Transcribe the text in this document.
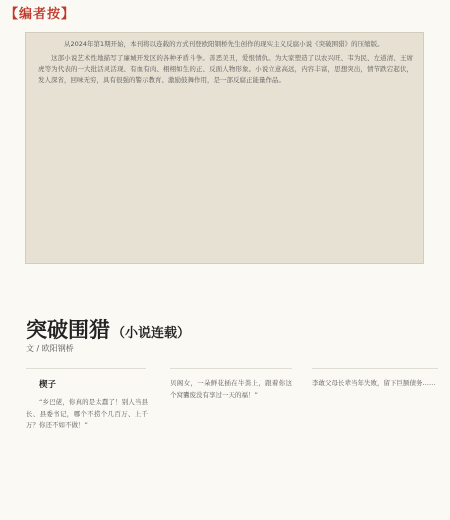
【编者按】

从2024年第1期开始，本刊将以连载的方式刊登欧阳钢桥先生创作的现实主义反腐小说《突破围猎》的压缩版。

这部小说艺术性地描写了廉城开发区的各种矛盾斗争。善恶美丑，爱恨情仇。为大家塑造了以农兴旺、韦为民、左道清、王席虎等为代表的一大批活灵活现、有血有肉、栩栩如生的正、反面人物形象。小说立意高远，内容丰富，思想突出，情节跌宕起伏，发人深省，回味无穷，具有很强的警示教育、激励鼓舞作用，是一部反腐正能量作品。

突破围猎 （小说连载）
文 / 欧阳钢桥
楔子

“乡巴佬，你真的是太蠢了！别人当县长、县委书记，哪个不捞个几百万、上千万？你还不如不做！”

贝阁女，一朵鲜花插在牛粪上，跟着你这个窝囊废没有享过一天的福！”

李敢父母长辈当年失败，留下巨额债务……
